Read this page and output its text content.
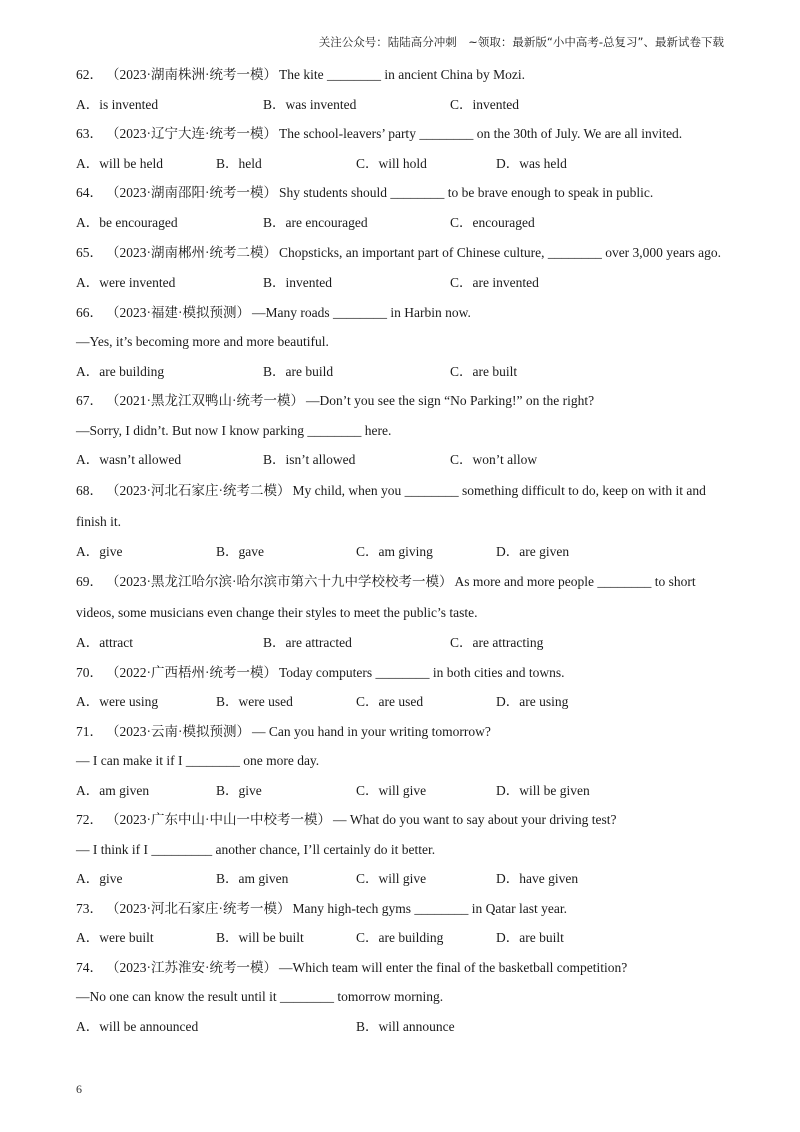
关注公众号：陆陆高分冲刺　~领取：最新版“小中高考-总复习”、最新试卷下载
62． （2023·湖南株洲·统考一模） The kite ________ in ancient China by Mozi.
A．is invented	B．was invented	C．invented
63． （2023·辽宁大连·统考一模） The school-leavers’ party ________ on the 30th of July. We are all invited.
A．will be held	B．held	C．will hold	D．was held
64． （2023·湖南邵阳·统考一模） Shy students should ________ to be brave enough to speak in public.
A．be encouraged	B．are encouraged	C．encouraged
65． （2023·湖南郴州·统考二模） Chopsticks, an important part of Chinese culture, ________ over 3,000 years ago.
A．were invented	B．invented	C．are invented
66． （2023·福建·模拟预测） —Many roads ________ in Harbin now.
—Yes, it’s becoming more and more beautiful.
A．are building	B．are build	C．are built
67． （2021·黑龙江双鸭山·统考一模） —Don’t you see the sign “No Parking!” on the right?
—Sorry, I didn’t. But now I know parking ________ here.
A．wasn’t allowed	B．isn’t allowed	C．won’t allow
68． （2023·河北石家庄·统考二模） My child, when you ________ something difficult to do, keep on with it and finish it.
A．give	B．gave	C．am giving	D．are given
69． （2023·黑龙江哈尔滨·哈尔滨市第六十九中学校校考一模） As more and more people ________ to short videos, some musicians even change their styles to meet the public’s taste.
A．attract	B．are attracted	C．are attracting
70． （2022·广西梧州·统考一模） Today computers ________ in both cities and towns.
A．were using	B．were used	C．are used	D．are using
71． （2023·云南·模拟预测） — Can you hand in your writing tomorrow?
— I can make it if I ________ one more day.
A．am given	B．give	C．will give	D．will be given
72． （2023·广东中山·中山一中校考一模） — What do you want to say about your driving test?
— I think if I _________ another chance, I’ll certainly do it better.
A．give	B．am given	C．will give	D．have given
73． （2023·河北石家庄·统考一模） Many high-tech gyms ________ in Qatar last year.
A．were built	B．will be built	C．are building	D．are built
74． （2023·江苏淮安·统考一模） —Which team will enter the final of the basketball competition?
—No one can know the result until it ________ tomorrow morning.
A．will be announced	B．will announce
6
